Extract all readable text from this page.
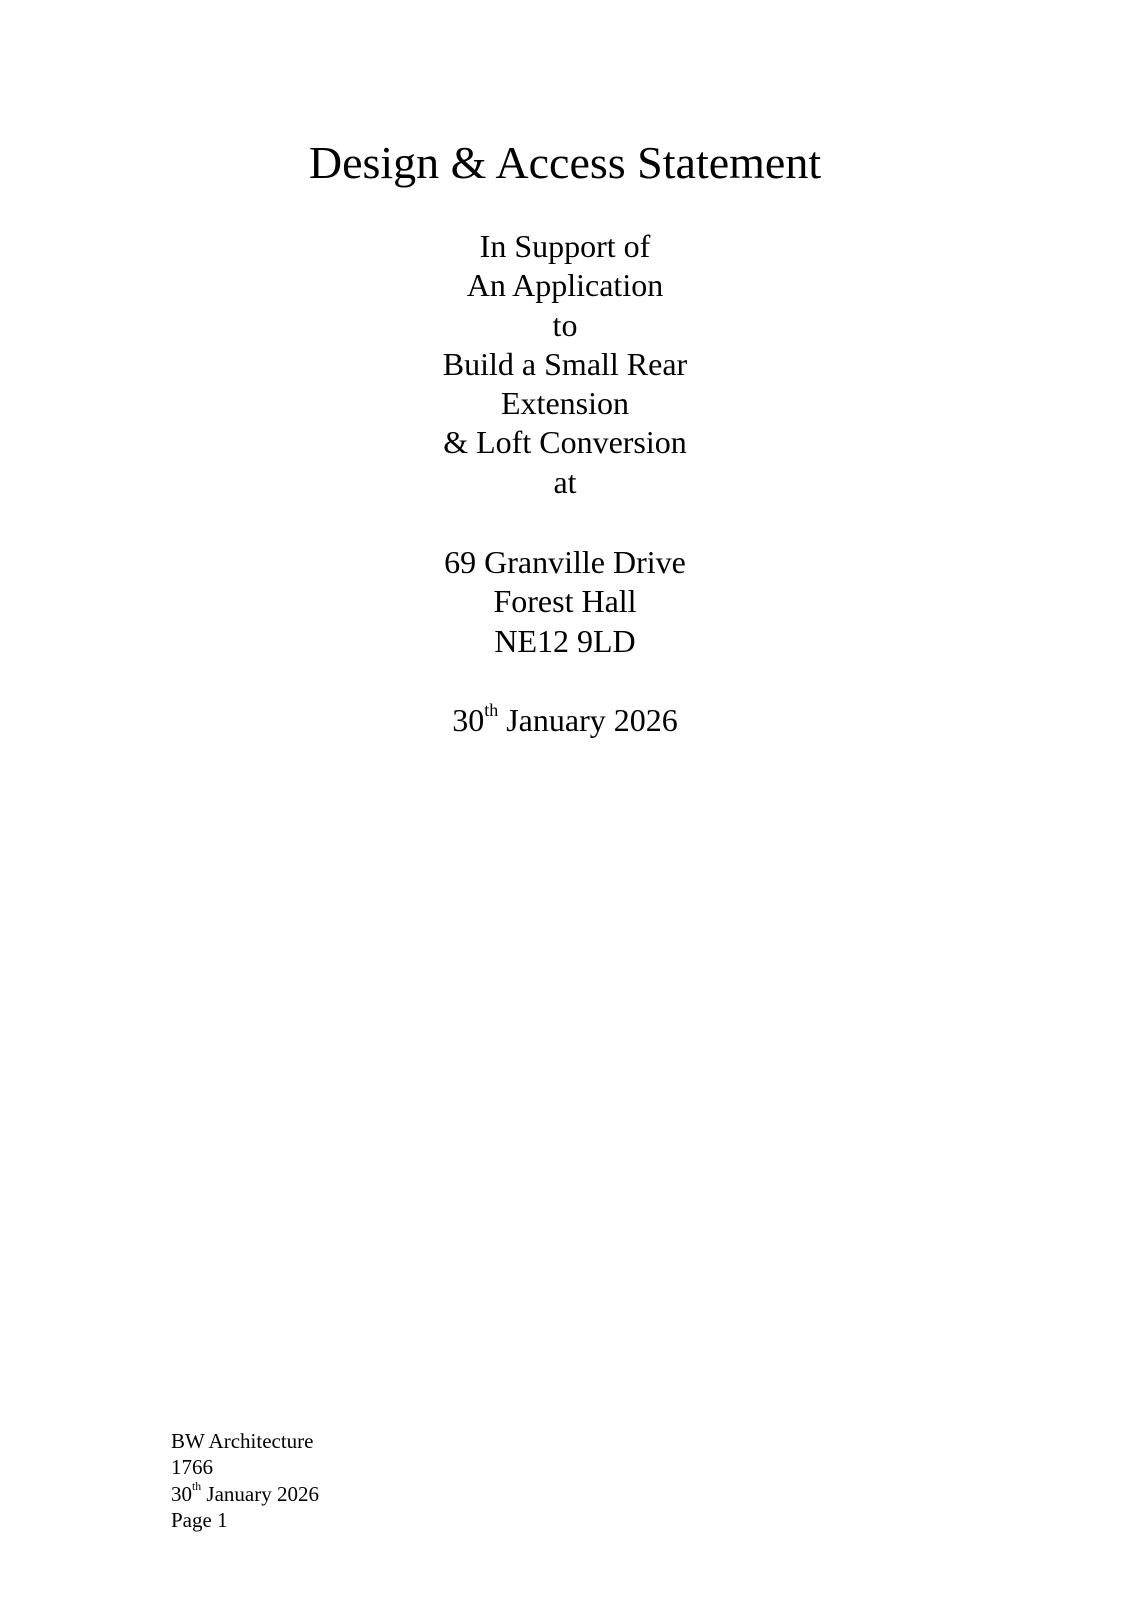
Design & Access Statement
In Support of
An Application
to
Build a Small Rear
Extension
& Loft Conversion
at
69 Granville Drive
Forest Hall
NE12 9LD
30th January 2026
BW Architecture
1766
30th January 2026
Page 1
